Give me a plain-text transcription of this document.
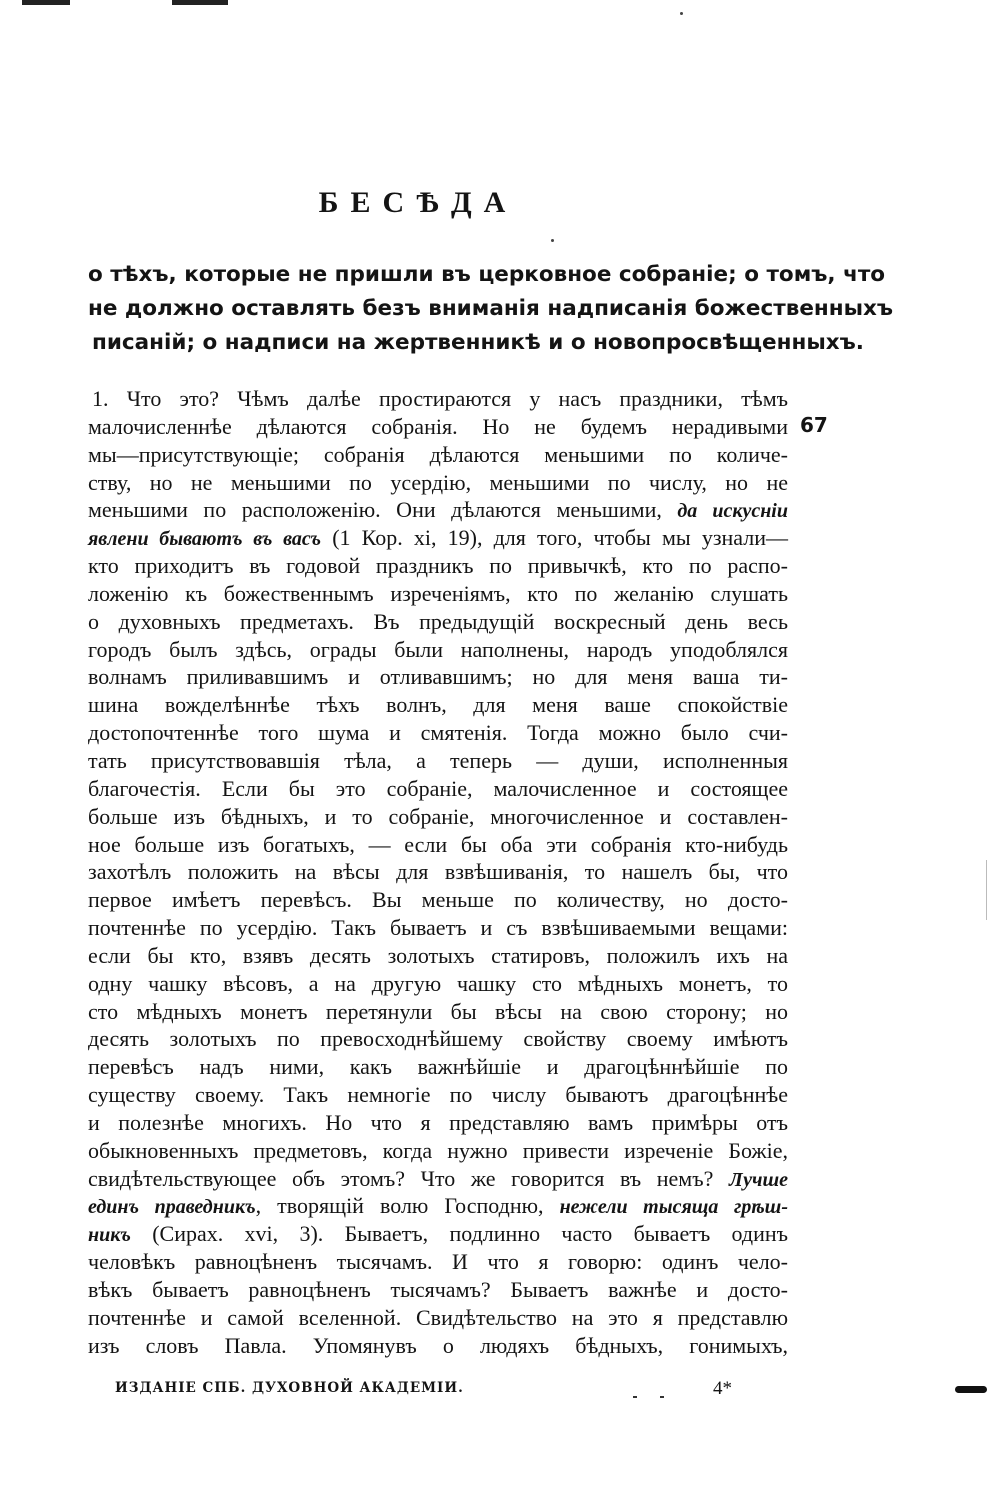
БЕСѢДА
о тѣхъ, которые не пришли въ церковное собраніе; о томъ, что
не должно оставлять безъ вниманія надписанія божественныхъ
писаній; о надписи на жертвенникѣ и о новопросвѣщенныхъ.
67
1. Что это? Чѣмъ далѣе простираются у насъ праздники, тѣмъ
малочисленнѣе дѣлаются собранія. Но не будемъ нерадивыми
мы—присутствующіе; собранія дѣлаются меньшими по количе-
ству, но не меньшими по усердію, меньшими по числу, но не
меньшими по расположенію. Они дѣлаются меньшими, да искусніи
явлени бываютъ въ васъ (1 Кор. xi, 19), для того, чтобы мы узнали—
кто приходитъ въ годовой праздникъ по привычкѣ, кто по распо-
ложенію къ божественнымъ изреченіямъ, кто по желанію слушать
о духовныхъ предметахъ. Въ предыдущій воскресный день весь
городъ былъ здѣсь, ограды были наполнены, народъ уподоблялся
волнамъ приливавшимъ и отливавшимъ; но для меня ваша ти-
шина вожделѣннѣе тѣхъ волнъ, для меня ваше спокойствіе
достопочтеннѣе того шума и смятенія. Тогда можно было счи-
тать присутствовавшія тѣла, а теперь — души, исполненныя
благочестія. Если бы это собраніе, малочисленное и состоящее
больше изъ бѣдныхъ, и то собраніе, многочисленное и составлен-
ное больше изъ богатыхъ, — если бы оба эти собранія кто-нибудь
захотѣлъ положить на вѣсы для взвѣшиванія, то нашелъ бы, что
первое имѣетъ перевѣсъ. Вы меньше по количеству, но досто-
почтеннѣе по усердію. Такъ бываетъ и съ взвѣшиваемыми вещами:
если бы кто, взявъ десять золотыхъ статировъ, положилъ ихъ на
одну чашку вѣсовъ, а на другую чашку сто мѣдныхъ монетъ, то
сто мѣдныхъ монетъ перетянули бы вѣсы на свою сторону; но
десять золотыхъ по превосходнѣйшему свойству своему имѣютъ
перевѣсъ надъ ними, какъ важнѣйшіе и драгоцѣннѣйшіе по
существу своему. Такъ немногіе по числу бываютъ драгоцѣннѣе
и полезнѣе многихъ. Но что я представляю вамъ примѣры отъ
обыкновенныхъ предметовъ, когда нужно привести изреченіе Божіе,
свидѣтельствующее объ этомъ? Что же говорится въ немъ? Лучше
единъ праведникъ, творящій волю Господню, нежели тысяща грѣш-
никъ (Сирах. xvi, 3). Бываетъ, подлинно часто бываетъ одинъ
человѣкъ равноцѣненъ тысячамъ. И что я говорю: одинъ чело-
вѣкъ бываетъ равноцѣненъ тысячамъ? Бываетъ важнѣе и досто-
почтеннѣе и самой вселенной. Свидѣтельство на это я представлю
изъ словъ Павла. Упомянувъ о людяхъ бѣдныхъ, гонимыхъ,
ИЗДАНІЕ СПБ. ДУХОВНОЙ АКАДЕМІИ.	4*
